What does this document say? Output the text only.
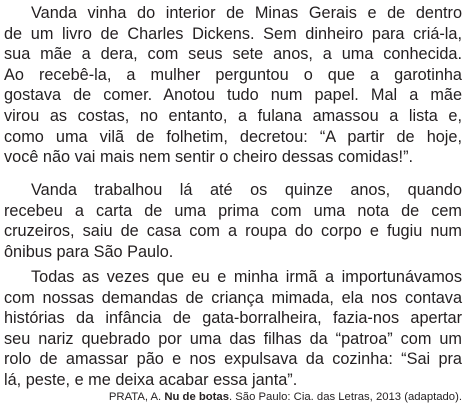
Vanda vinha do interior de Minas Gerais e de dentro
de um livro de Charles Dickens. Sem dinheiro para criá-la,
sua mãe a dera, com seus sete anos, a uma conhecida.
Ao recebê-la, a mulher perguntou o que a garotinha
gostava de comer. Anotou tudo num papel. Mal a mãe
virou as costas, no entanto, a fulana amassou a lista e,
como uma vilã de folhetim, decretou: “A partir de hoje,
você não vai mais nem sentir o cheiro dessas comidas!”.
Vanda trabalhou lá até os quinze anos, quando
recebeu a carta de uma prima com uma nota de cem
cruzeiros, saiu de casa com a roupa do corpo e fugiu num
ônibus para São Paulo.
Todas as vezes que eu e minha irmã a importunávamos
com nossas demandas de criança mimada, ela nos contava
histórias da infância de gata-borralheira, fazia-nos apertar
seu nariz quebrado por uma das filhas da “patroa” com um
rolo de amassar pão e nos expulsava da cozinha: “Sai pra
lá, peste, e me deixa acabar essa janta”.
PRATA, A. Nu de botas. São Paulo: Cia. das Letras, 2013 (adaptado).
